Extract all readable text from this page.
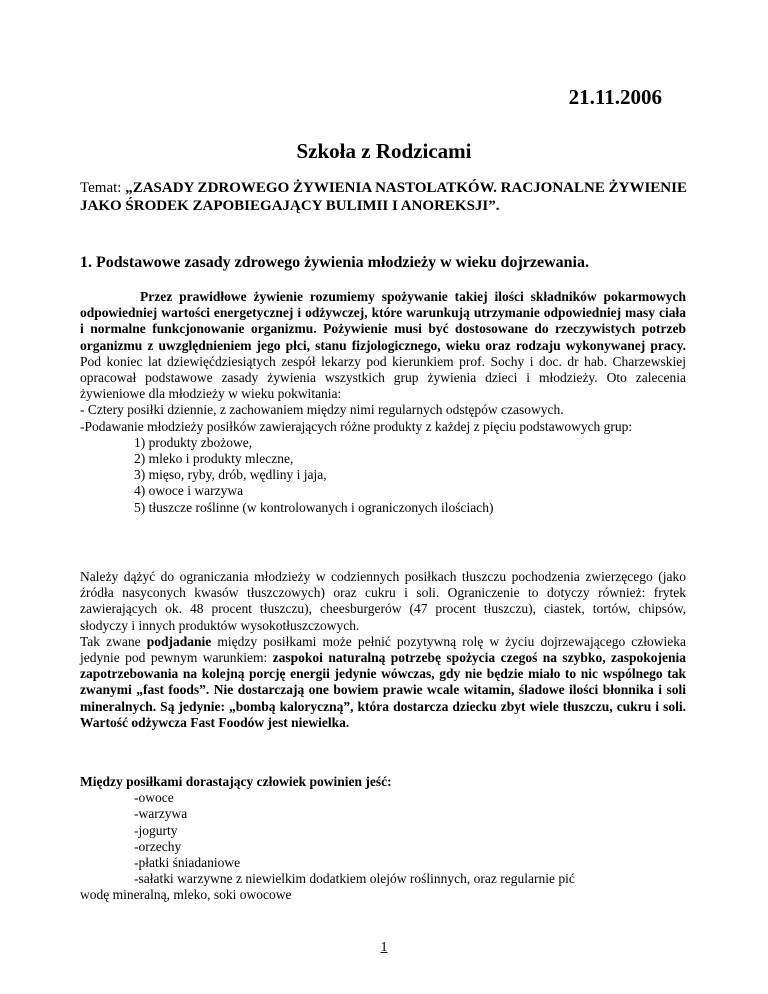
21.11.2006
Szkoła z Rodzicami
Temat: „ZASADY ZDROWEGO ŻYWIENIA NASTOLATKÓW. RACJONALNE ŻYWIENIE JAKO ŚRODEK ZAPOBIEGAJĄCY BULIMII I ANOREKSJI”.
1. Podstawowe zasady zdrowego żywienia młodzieży w wieku dojrzewania.

Przez prawidłowe żywienie rozumiemy spożywanie takiej ilości składników pokarmowych odpowiedniej wartości energetycznej i odżywczej, które warunkują utrzymanie odpowiedniej masy ciała i normalne funkcjonowanie organizmu. Pożywienie musi być dostosowane do rzeczywistych potrzeb organizmu z uwzględnieniem jego płci, stanu fizjologicznego, wieku oraz rodzaju wykonywanej pracy. Pod koniec lat dziewięćdziesiątych zespół lekarzy pod kierunkiem prof. Sochy i doc. dr hab. Charzewskiej opracował podstawowe zasady żywienia wszystkich grup żywienia dzieci i młodzieży. Oto zalecenia żywieniowe dla młodzieży w wieku pokwitania:

- Cztery posiłki dziennie, z zachowaniem między nimi regularnych odstępów czasowych.

-Podawanie młodzieży posiłków zawierających różne produkty z każdej z pięciu podstawowych grup:

1) produkty zbożowe,
2) mleko i produkty mleczne,
3) mięso, ryby, drób, wędliny i jaja,
4) owoce i warzywa
5) tłuszcze roślinne (w kontrolowanych i ograniczonych ilościach)

Należy dążyć do ograniczania młodzieży w codziennych posiłkach tłuszczu pochodzenia zwierzęcego (jako źródła nasyconych kwasów tłuszczowych) oraz cukru i soli. Ograniczenie to dotyczy również: frytek zawierających ok. 48 procent tłuszczu), cheesburgerów (47 procent tłuszczu), ciastek, tortów, chipsów, słodyczy i innych produktów wysokotłuszczowych.

Tak zwane podjadanie między posiłkami może pełnić pozytywną rolę w życiu dojrzewającego człowieka jedynie pod pewnym warunkiem: zaspokoi naturalną potrzebę spożycia czegoś na szybko, zaspokojenia zapotrzebowania na kolejną porcję energii jedynie wówczas, gdy nie będzie miało to nic wspólnego tak zwanymi „fast foods”. Nie dostarczają one bowiem prawie wcale witamin, śladowe ilości błonnika i soli mineralnych. Są jedynie: „bombą kaloryczną”, która dostarcza dziecku zbyt wiele tłuszczu, cukru i soli. Wartość odżywcza Fast Foodów jest niewielka.

Między posiłkami dorastający człowiek powinien jeść:
-owoce
-warzywa
-jogurty
-orzechy
-płatki śniadaniowe
-sałatki warzywne z niewielkim dodatkiem olejów roślinnych, oraz regularnie pić

wodę mineralną, mleko, soki owocowe

1
